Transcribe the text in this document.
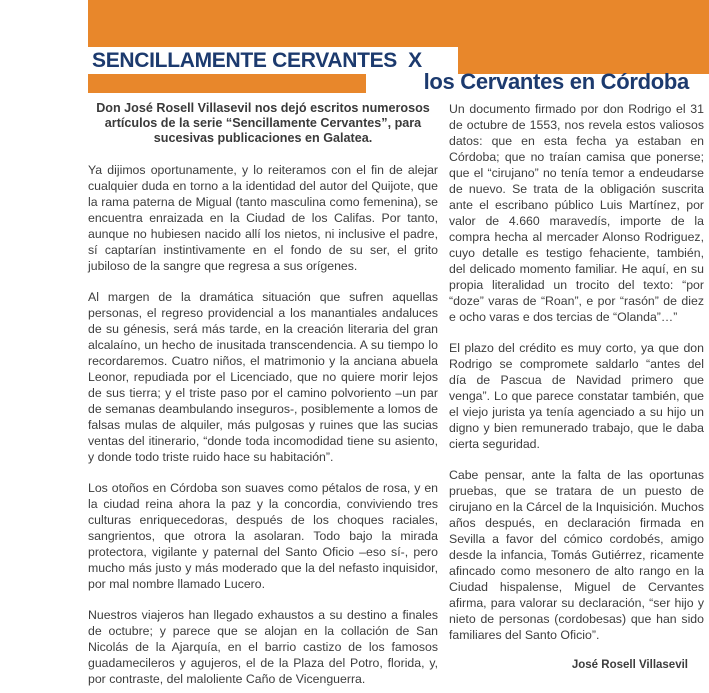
SENCILLAMENTE CERVANTES  X
los Cervantes en Córdoba

Don José Rosell Villasevil nos dejó escritos numerosos artículos de la serie “Sencillamente Cervantes”, para sucesivas publicaciones en Galatea.

Ya dijimos oportunamente, y lo reiteramos con el fin de alejar cualquier duda en torno a la identidad del autor del Quijote, que la rama paterna de Migual (tanto masculina como femenina), se encuentra enraizada en la Ciudad de los Califas. Por tanto, aunque no hubiesen nacido allí los nietos, ni inclusive el padre, sí captarían instintivamente en el fondo de su ser, el grito jubiloso de la sangre que regresa a sus orígenes.

Al margen de la dramática situación que sufren aquellas personas, el regreso providencial a los manantiales andaluces de su génesis, será más tarde, en la creación literaria del gran alcalaíno, un hecho de inusitada transcendencia. A su tiempo lo recordaremos. Cuatro niños, el matrimonio y la anciana abuela Leonor, repudiada por el Licenciado, que no quiere morir lejos de sus tierra; y el triste paso por el camino polvoriento –un par de semanas deambulando inseguros-, posiblemente a lomos de falsas mulas de alquiler, más pulgosas y ruines que las sucias ventas del itinerario, “donde toda incomodidad tiene su asiento, y donde todo triste ruido hace su habitación”.

Los otoños en Córdoba son suaves como pétalos de rosa, y en la ciudad reina ahora la paz y la concordia, conviviendo tres culturas enriquecedoras, después de los choques raciales, sangrientos, que otrora la asolaran. Todo bajo la mirada protectora, vigilante y paternal del Santo Oficio –eso sí-, pero mucho más justo y más moderado que la del nefasto inquisidor, por mal nombre llamado Lucero.

Nuestros viajeros han llegado exhaustos a su destino a finales de octubre; y parece que se alojan en la collación de San Nicolás de la Ajarquía, en el barrio castizo de los famosos guadamecileros y agujeros, el de la Plaza del Potro, florida, y, por contraste, del maloliente Caño de Vicenguerra.

Un documento firmado por don Rodrigo el 31 de octubre de 1553, nos revela estos valiosos datos: que en esta fecha ya estaban en Córdoba; que no traían camisa que ponerse; que el “cirujano” no tenía temor a endeudarse de nuevo. Se trata de la obligación suscrita ante el escribano público Luis Martínez, por valor de 4.660 maravedís, importe de la compra hecha al mercader Alonso Rodriguez, cuyo detalle es testigo fehaciente, también, del delicado momento familiar. He aquí, en su propia literalidad un trocito del texto: “por “doze” varas de “Roan”, e por “rasón” de diez e ocho varas e dos tercias de “Olanda”…”

El plazo del crédito es muy corto, ya que don Rodrigo se compromete saldarlo “antes del día de Pascua de Navidad primero que venga”. Lo que parece constatar también, que el viejo jurista ya tenía agenciado a su hijo un digno y bien remunerado trabajo, que le daba cierta seguridad.

Cabe pensar, ante la falta de las oportunas pruebas, que se tratara de un puesto de cirujano en la Cárcel de la Inquisición. Muchos años después, en declaración firmada en Sevilla a favor del cómico cordobés, amigo desde la infancia, Tomás Gutiérrez, ricamente afincado como mesonero de alto rango en la Ciudad hispalense, Miguel de Cervantes afirma, para valorar su declaración, “ser hijo y nieto de personas (cordobesas) que han sido familiares del Santo Oficio”.

José Rosell Villasevil
